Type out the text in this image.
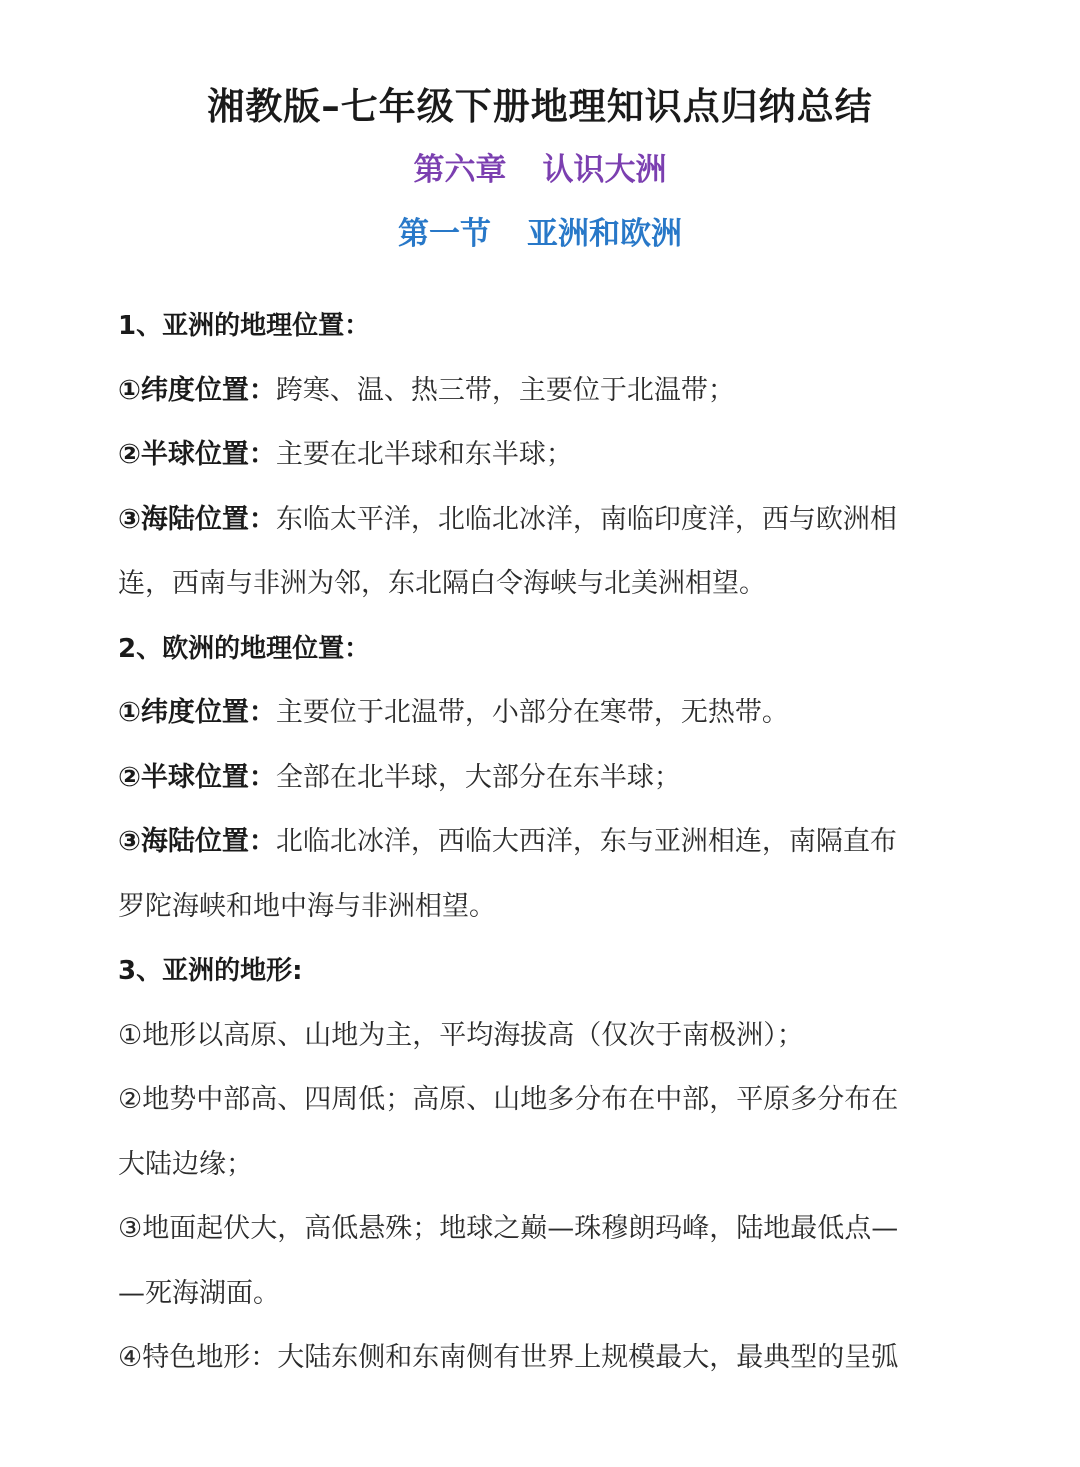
湘教版–七年级下册地理知识点归纳总结
第六章 认识大洲
第一节 亚洲和欧洲
1、亚洲的地理位置：
①纬度位置：跨寒、温、热三带，主要位于北温带；
②半球位置：主要在北半球和东半球；
③海陆位置：东临太平洋，北临北冰洋，南临印度洋，西与欧洲相
连，西南与非洲为邻，东北隔白令海峡与北美洲相望。
2、欧洲的地理位置：
①纬度位置：主要位于北温带，小部分在寒带，无热带。
②半球位置：全部在北半球，大部分在东半球；
③海陆位置：北临北冰洋，西临大西洋，东与亚洲相连，南隔直布
罗陀海峡和地中海与非洲相望。
3、亚洲的地形:
①地形以高原、山地为主，平均海拔高（仅次于南极洲）；
②地势中部高、四周低；高原、山地多分布在中部，平原多分布在
大陆边缘；
③地面起伏大，高低悬殊；地球之巅—珠穆朗玛峰，陆地最低点—
—死海湖面。
④特色地形：大陆东侧和东南侧有世界上规模最大，最典型的呈弧
